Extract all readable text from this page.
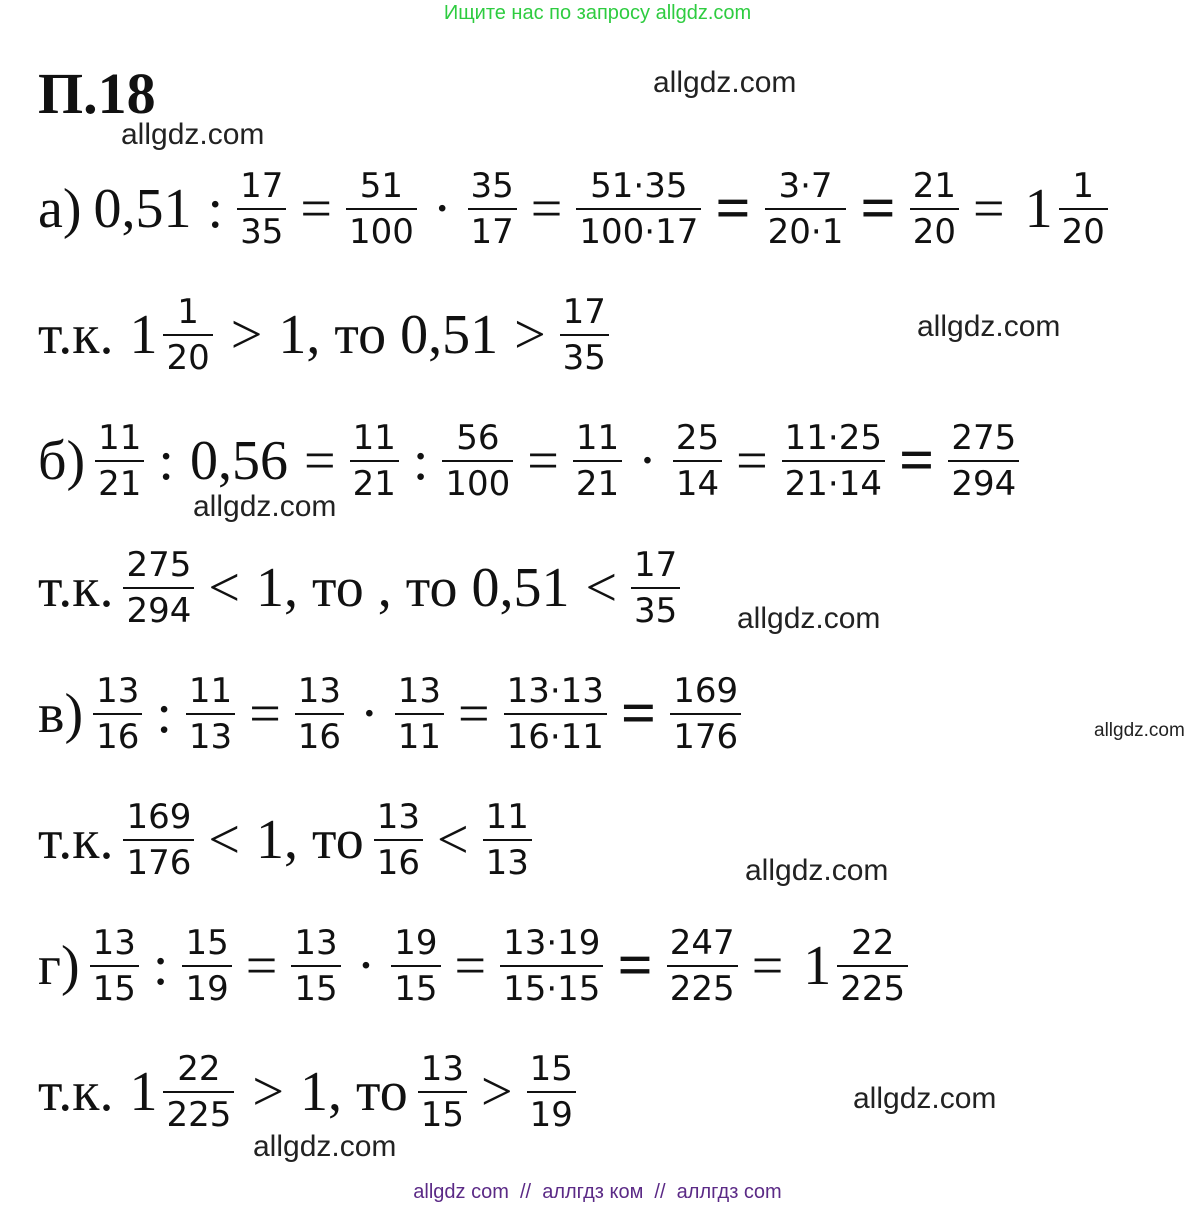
Ищите нас по запросу allgdz.com
П.18	allgdz.com
allgdz.com
allgdz.com
allgdz.com
allgdz.com
allgdz.com
allgdz.com
allgdz.com
allgdz.com
а) 0,51 : $\frac{17}{35} = \frac{51}{100} \cdot \frac{35}{17} = \frac{51\cdot 35}{100\cdot 17} = \frac{3\cdot 7}{20\cdot 1} = \frac{21}{20} = 1 \frac{1}{20}$
т.к. $1 \frac{1}{20} > 1$, то $0,51 > \frac{17}{35}$
$б) \frac{11}{21}$ : $0,56 = \frac{11}{21}$ : $\frac{56}{100} = \frac{11}{21} \cdot \frac{25}{14} = \frac{11\cdot 25}{21\cdot 14} = \frac{275}{294}$
т.к. $\frac{275}{294} < 1$, то , то $0,51 < \frac{17}{35}$
$в) \frac{13}{16}$ : $\frac{11}{13} = \frac{13}{16} \cdot \frac{13}{11} = \frac{13\cdot 13}{16\cdot 11} = \frac{169}{176}$
т.к. $\frac{169}{176} < 1$, то $\frac{13}{16} < \frac{11}{13}$
$г) \frac{13}{15}$ : $\frac{15}{19} = \frac{13}{15} \cdot \frac{19}{15} = \frac{13\cdot 19}{15\cdot 15} = \frac{247}{225} = 1 \frac{22}{225}$
т.к. $1 \frac{22}{225} > 1$, то $\frac{13}{15} > \frac{15}{19}$
allgdz com  //  аллгдз ком  //  аллгдз com
